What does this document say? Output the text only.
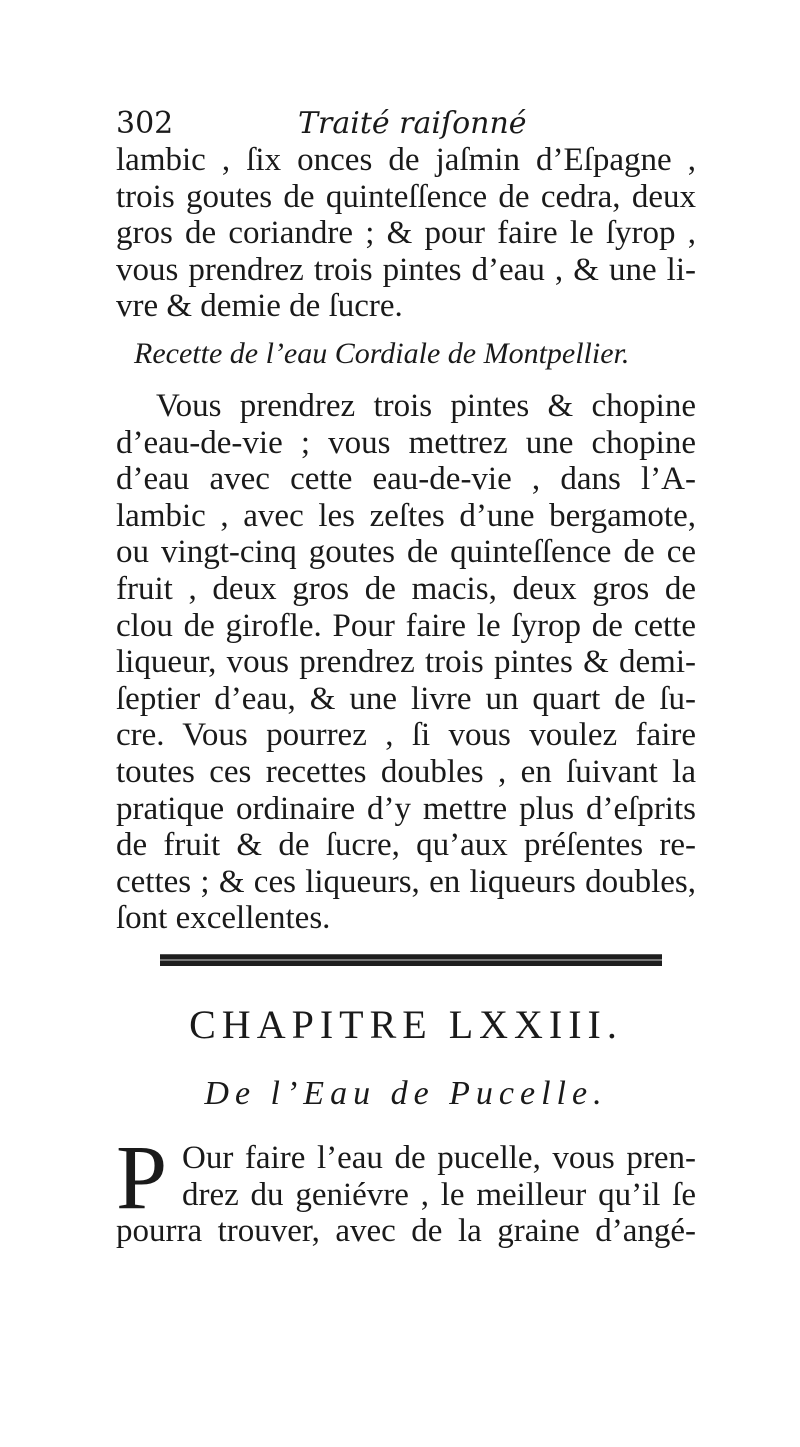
302	Traité raiſonné
lambic , ſix onces de jaſmin d’Eſpagne ,
trois goutes de quinteſſence de cedra, deux
gros de coriandre ; & pour faire le ſyrop ,
vous prendrez trois pintes d’eau , & une li-
vre & demie de ſucre.
Recette de l’eau Cordiale de Montpellier.
Vous prendrez trois pintes & chopine
d’eau-de-vie ; vous mettrez une chopine
d’eau avec cette eau-de-vie , dans l’A-
lambic , avec les zeſtes d’une bergamote,
ou vingt-cinq goutes de quinteſſence de ce
fruit , deux gros de macis, deux gros de
clou de girofle. Pour faire le ſyrop de cette
liqueur, vous prendrez trois pintes & demi-
ſeptier d’eau, & une livre un quart de ſu-
cre. Vous pourrez , ſi vous voulez faire
toutes ces recettes doubles , en ſuivant la
pratique ordinaire d’y mettre plus d’eſprits
de fruit & de ſucre, qu’aux préſentes re-
cettes ; & ces liqueurs, en liqueurs doubles,
ſont excellentes.
CHAPITRE LXXIII.
De l’Eau de Pucelle.
P Our faire l’eau de pucelle, vous pren-
drez du geniévre , le meilleur qu’il ſe
pourra trouver, avec de la graine d’angé-
